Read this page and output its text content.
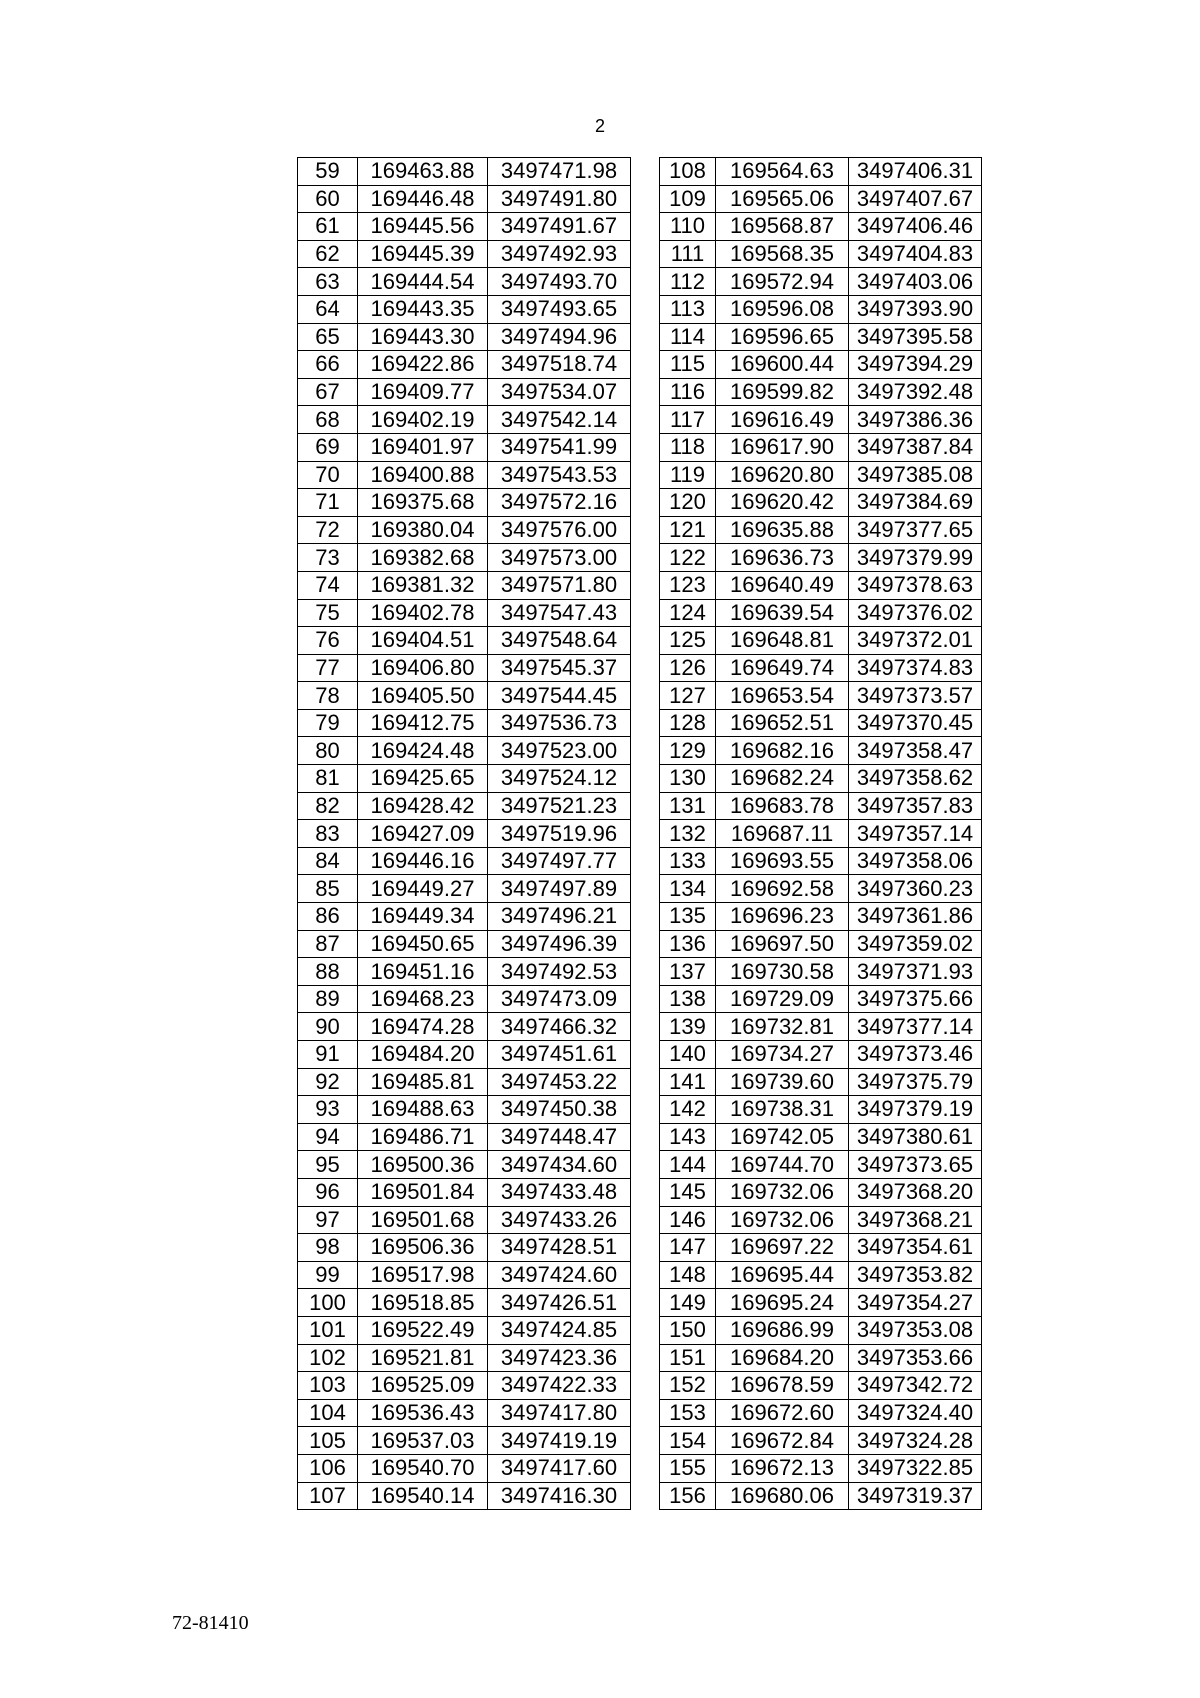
2
59	169463.88	3497471.98
60	169446.48	3497491.80
61	169445.56	3497491.67
62	169445.39	3497492.93
63	169444.54	3497493.70
64	169443.35	3497493.65
65	169443.30	3497494.96
66	169422.86	3497518.74
67	169409.77	3497534.07
68	169402.19	3497542.14
69	169401.97	3497541.99
70	169400.88	3497543.53
71	169375.68	3497572.16
72	169380.04	3497576.00
73	169382.68	3497573.00
74	169381.32	3497571.80
75	169402.78	3497547.43
76	169404.51	3497548.64
77	169406.80	3497545.37
78	169405.50	3497544.45
79	169412.75	3497536.73
80	169424.48	3497523.00
81	169425.65	3497524.12
82	169428.42	3497521.23
83	169427.09	3497519.96
84	169446.16	3497497.77
85	169449.27	3497497.89
86	169449.34	3497496.21
87	169450.65	3497496.39
88	169451.16	3497492.53
89	169468.23	3497473.09
90	169474.28	3497466.32
91	169484.20	3497451.61
92	169485.81	3497453.22
93	169488.63	3497450.38
94	169486.71	3497448.47
95	169500.36	3497434.60
96	169501.84	3497433.48
97	169501.68	3497433.26
98	169506.36	3497428.51
99	169517.98	3497424.60
100	169518.85	3497426.51
101	169522.49	3497424.85
102	169521.81	3497423.36
103	169525.09	3497422.33
104	169536.43	3497417.80
105	169537.03	3497419.19
106	169540.70	3497417.60
107	169540.14	3497416.30
108	169564.63	3497406.31
109	169565.06	3497407.67
110	169568.87	3497406.46
111	169568.35	3497404.83
112	169572.94	3497403.06
113	169596.08	3497393.90
114	169596.65	3497395.58
115	169600.44	3497394.29
116	169599.82	3497392.48
117	169616.49	3497386.36
118	169617.90	3497387.84
119	169620.80	3497385.08
120	169620.42	3497384.69
121	169635.88	3497377.65
122	169636.73	3497379.99
123	169640.49	3497378.63
124	169639.54	3497376.02
125	169648.81	3497372.01
126	169649.74	3497374.83
127	169653.54	3497373.57
128	169652.51	3497370.45
129	169682.16	3497358.47
130	169682.24	3497358.62
131	169683.78	3497357.83
132	169687.11	3497357.14
133	169693.55	3497358.06
134	169692.58	3497360.23
135	169696.23	3497361.86
136	169697.50	3497359.02
137	169730.58	3497371.93
138	169729.09	3497375.66
139	169732.81	3497377.14
140	169734.27	3497373.46
141	169739.60	3497375.79
142	169738.31	3497379.19
143	169742.05	3497380.61
144	169744.70	3497373.65
145	169732.06	3497368.20
146	169732.06	3497368.21
147	169697.22	3497354.61
148	169695.44	3497353.82
149	169695.24	3497354.27
150	169686.99	3497353.08
151	169684.20	3497353.66
152	169678.59	3497342.72
153	169672.60	3497324.40
154	169672.84	3497324.28
155	169672.13	3497322.85
156	169680.06	3497319.37
72-81410
